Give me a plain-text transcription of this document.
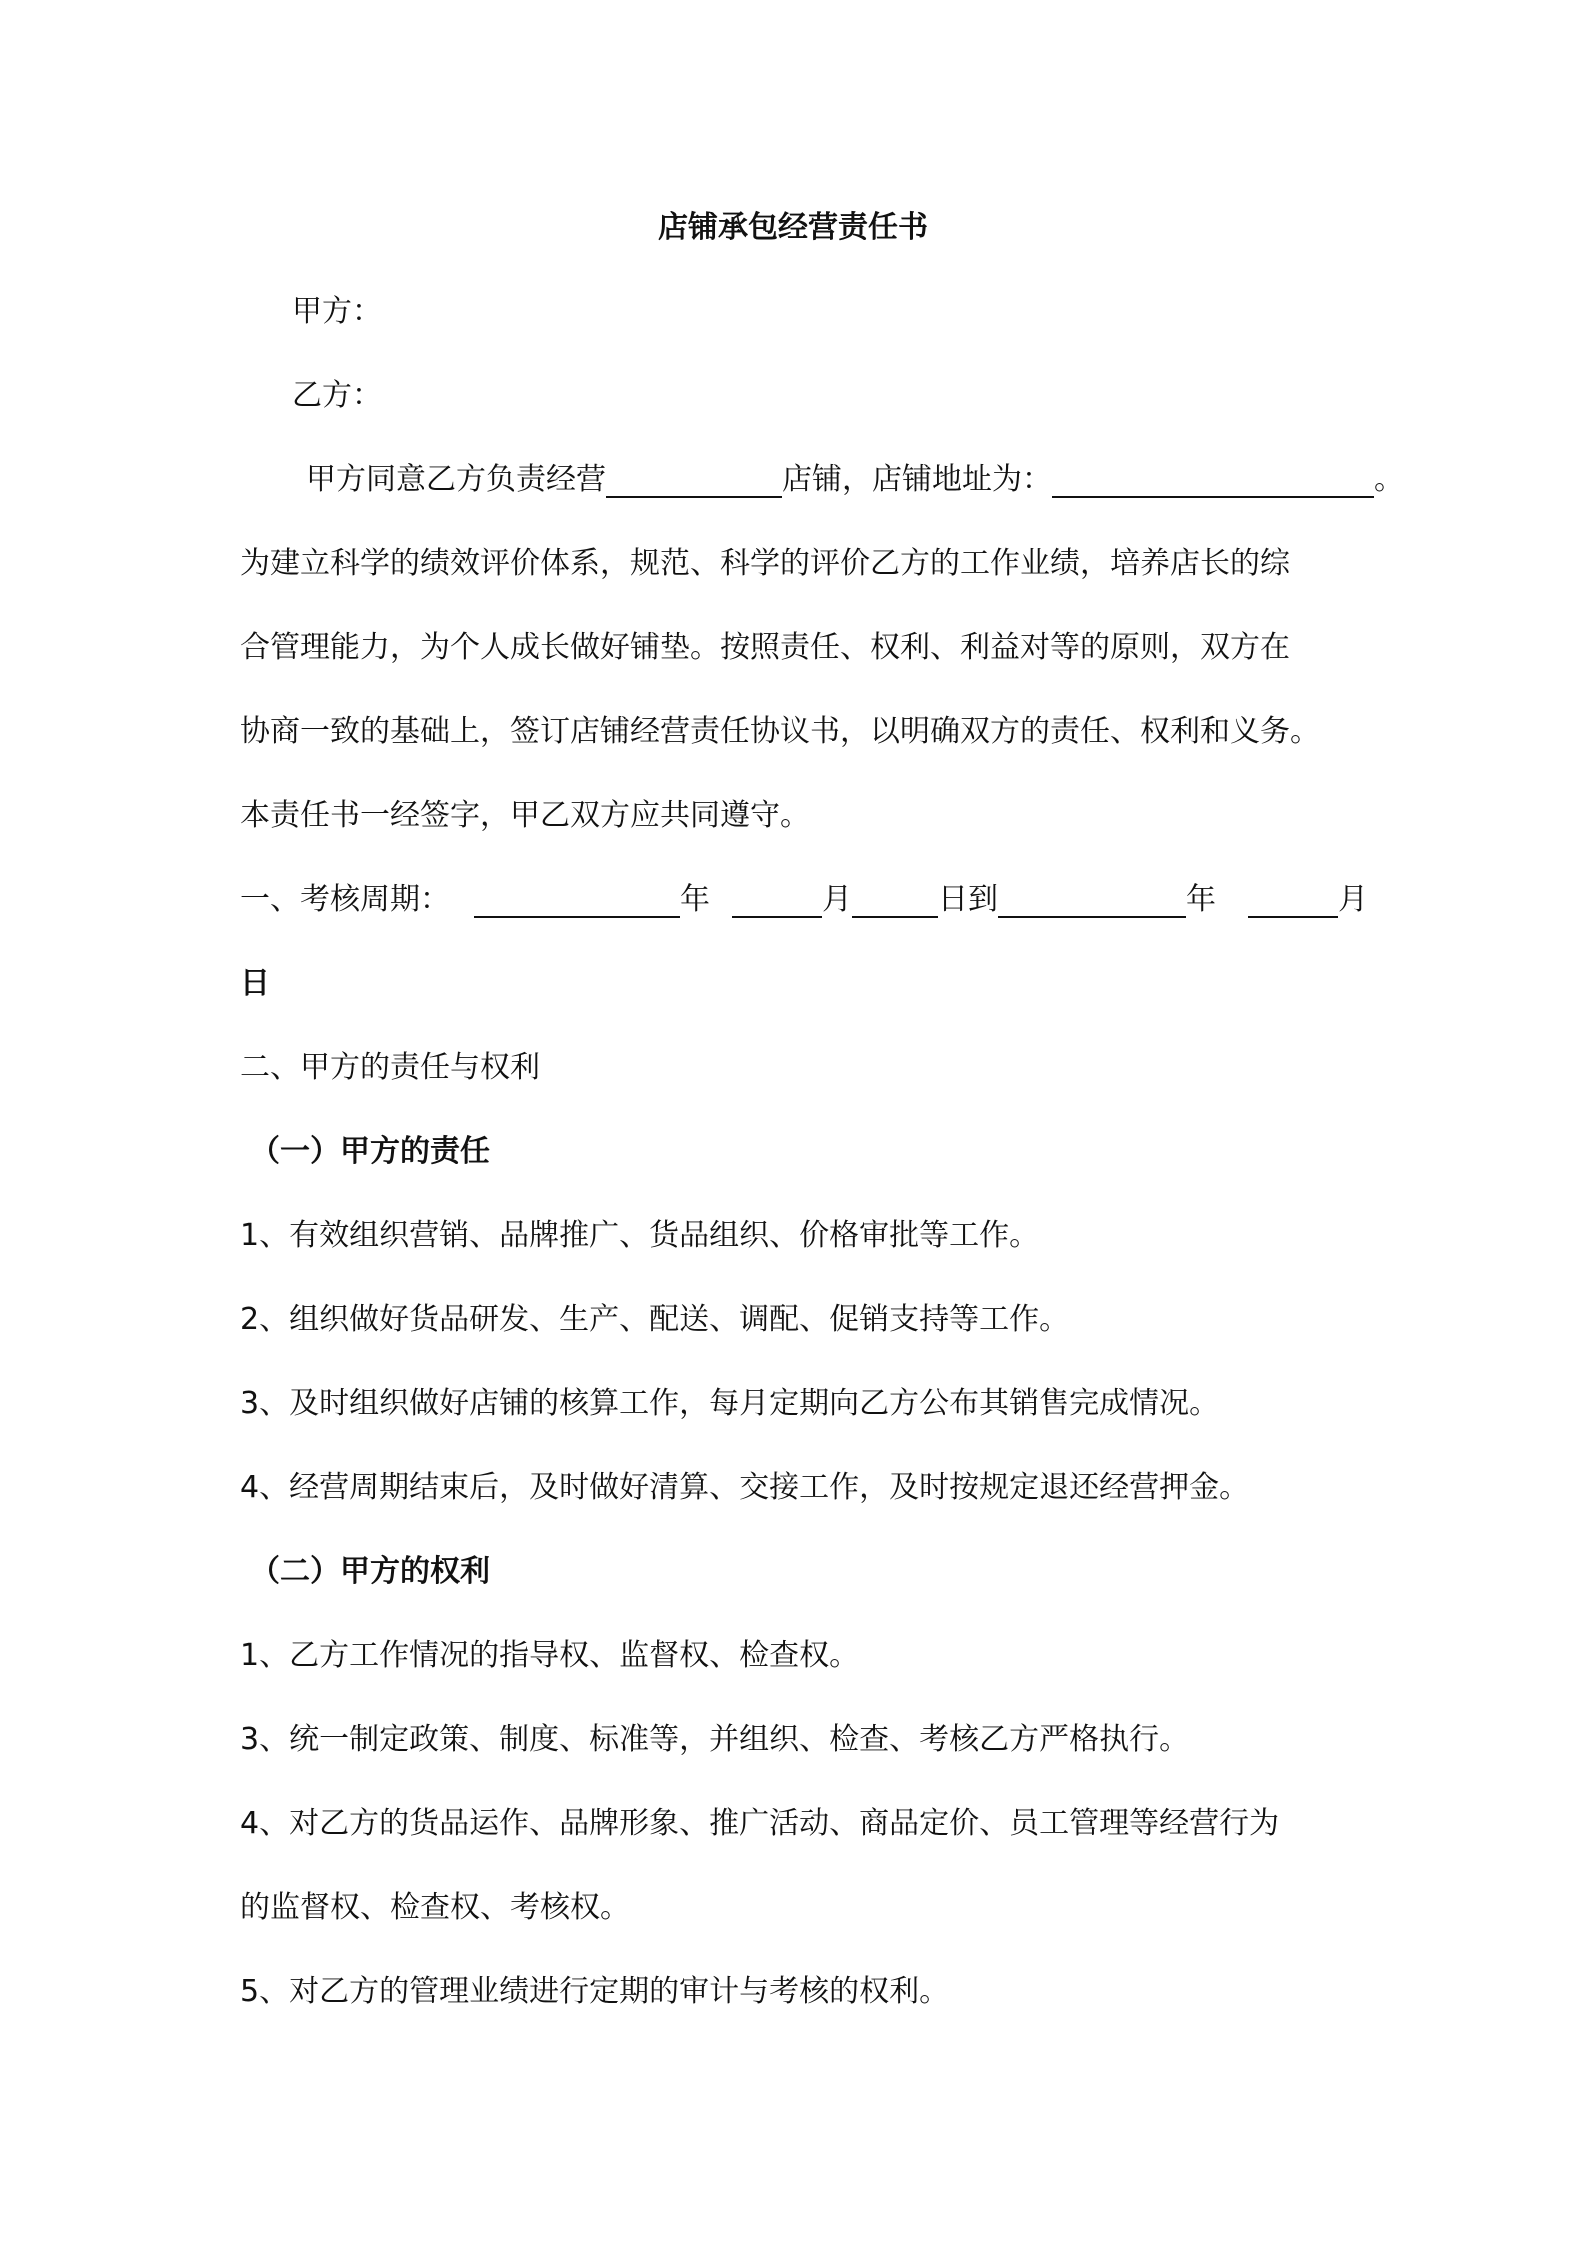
店铺承包经营责任书
甲方：
乙方：
甲方同意乙方负责经营	店铺，店铺地址为：	。
为建立科学的绩效评价体系，规范、科学的评价乙方的工作业绩，培养店长的综
合管理能力，为个人成长做好铺垫。按照责任、权利、利益对等的原则，双方在
协商一致的基础上，签订店铺经营责任协议书，以明确双方的责任、权利和义务。
本责任书一经签字，甲乙双方应共同遵守。
一、考核周期：	年	月	日到	年	月
日
二、甲方的责任与权利
（一）甲方的责任
1、有效组织营销、品牌推广、货品组织、价格审批等工作。
2、组织做好货品研发、生产、配送、调配、促销支持等工作。
3、及时组织做好店铺的核算工作，每月定期向乙方公布其销售完成情况。
4、经营周期结束后，及时做好清算、交接工作，及时按规定退还经营押金。
（二）甲方的权利
1、乙方工作情况的指导权、监督权、检查权。
3、统一制定政策、制度、标准等，并组织、检查、考核乙方严格执行。
4、对乙方的货品运作、品牌形象、推广活动、商品定价、员工管理等经营行为
的监督权、检查权、考核权。
5、对乙方的管理业绩进行定期的审计与考核的权利。
